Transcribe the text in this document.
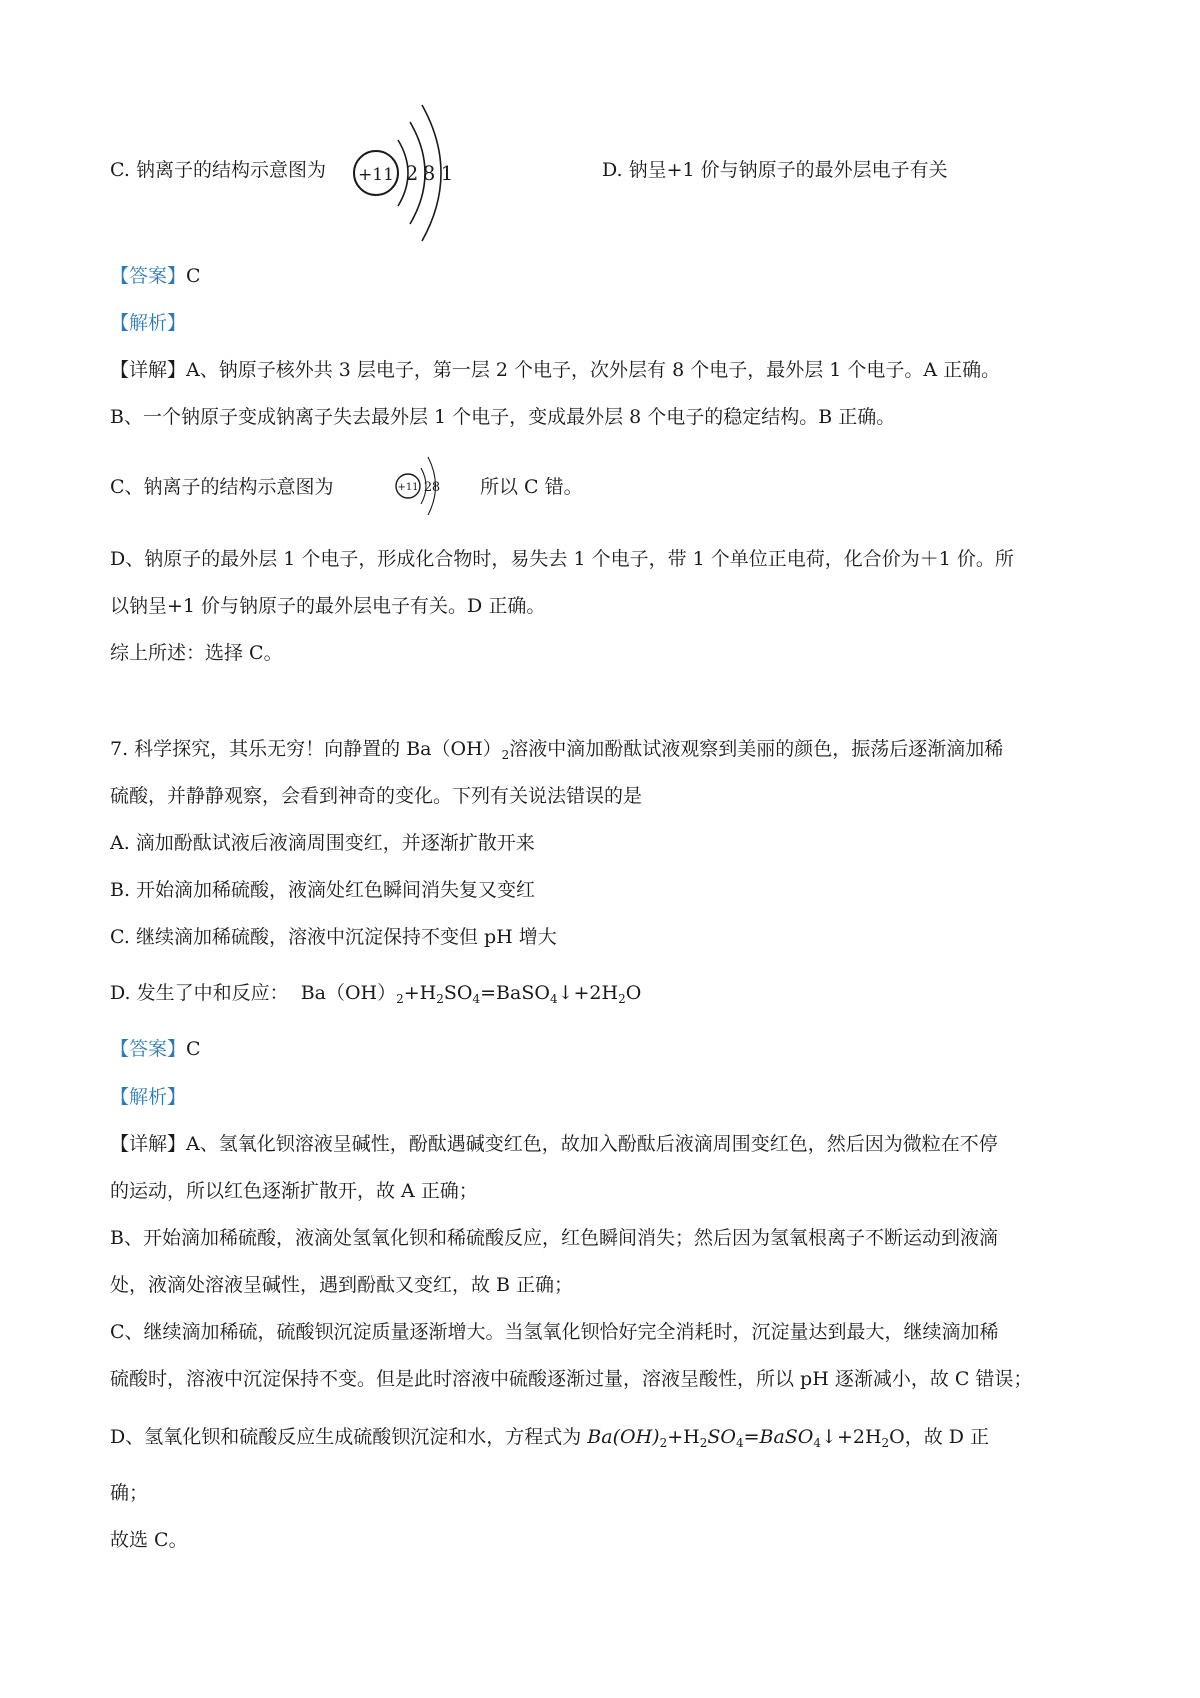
C. 钠离子的结构示意图为 +11 2 8 1	D. 钠呈+1 价与钠原子的最外层电子有关
【答案】C
【解析】
【详解】A、钠原子核外共 3 层电子，第一层 2 个电子，次外层有 8 个电子，最外层 1 个电子。A 正确。
B、一个钠原子变成钠离子失去最外层 1 个电子，变成最外层 8 个电子的稳定结构。B 正确。
C、钠离子的结构示意图为	+11 2 8 所以 C 错。
D、钠原子的最外层 1 个电子，形成化合物时，易失去 1 个电子，带 1 个单位正电荷，化合价为＋1 价。所
以钠呈+1 价与钠原子的最外层电子有关。D 正确。
综上所述：选择 C。
7. 科学探究，其乐无穷！向静置的 $Ba(OH)_2$溶液中滴加酚酞试液观察到美丽的颜色，振荡后逐渐滴加稀
硫酸，并静静观察，会看到神奇的变化。下列有关说法错误的是
A. 滴加酚酞试液后液滴周围变红，并逐渐扩散开来
B. 开始滴加稀硫酸，液滴处红色瞬间消失复又变红
C. 继续滴加稀硫酸，溶液中沉淀保持不变但 pH 增大
D. 发生了中和反应： $Ba(OH)_2+H_2SO_4=BaSO_4↓+2H_2O$
【答案】C
【解析】
【详解】A、氢氧化钡溶液呈碱性，酚酞遇碱变红色，故加入酚酞后液滴周围变红色，然后因为微粒在不停
的运动，所以红色逐渐扩散开，故 A 正确；
B、开始滴加稀硫酸，液滴处氢氧化钡和稀硫酸反应，红色瞬间消失；然后因为氢氧根离子不断运动到液滴
处，液滴处溶液呈碱性，遇到酚酞又变红，故 B 正确；
C、继续滴加稀硫，硫酸钡沉淀质量逐渐增大。当氢氧化钡恰好完全消耗时，沉淀量达到最大，继续滴加稀
硫酸时，溶液中沉淀保持不变。但是此时溶液中硫酸逐渐过量，溶液呈酸性，所以 pH 逐渐减小，故 C 错误；
D、氢氧化钡和硫酸反应生成硫酸钡沉淀和水，方程式为 $Ba(OH)_2+H_2SO_4=BaSO_4↓+2H_2O$，故 D 正
确；
故选 C。
